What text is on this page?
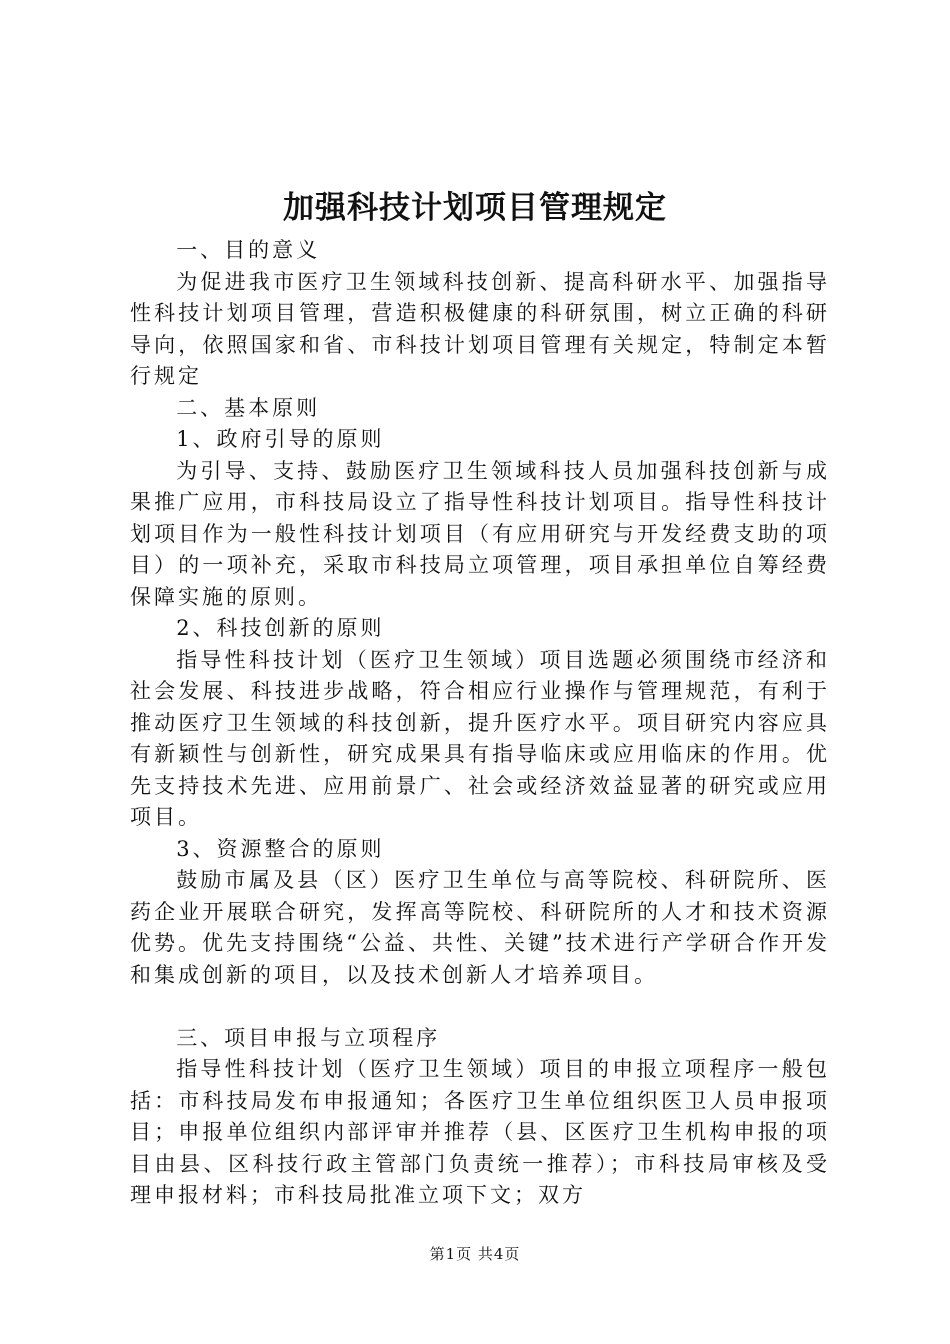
加强科技计划项目管理规定

一、目的意义

为促进我市医疗卫生领域科技创新、提高科研水平、加强指导性科技计划项目管理，营造积极健康的科研氛围，树立正确的科研导向，依照国家和省、市科技计划项目管理有关规定，特制定本暂行规定

二、基本原则

1、政府引导的原则

为引导、支持、鼓励医疗卫生领域科技人员加强科技创新与成果推广应用，市科技局设立了指导性科技计划项目。指导性科技计划项目作为一般性科技计划项目（有应用研究与开发经费支助的项目）的一项补充，采取市科技局立项管理，项目承担单位自筹经费保障实施的原则。

2、科技创新的原则

指导性科技计划（医疗卫生领域）项目选题必须围绕市经济和社会发展、科技进步战略，符合相应行业操作与管理规范，有利于推动医疗卫生领域的科技创新，提升医疗水平。项目研究内容应具有新颖性与创新性，研究成果具有指导临床或应用临床的作用。优先支持技术先进、应用前景广、社会或经济效益显著的研究或应用项目。

3、资源整合的原则

鼓励市属及县（区）医疗卫生单位与高等院校、科研院所、医药企业开展联合研究，发挥高等院校、科研院所的人才和技术资源优势。优先支持围绕“公益、共性、关键”技术进行产学研合作开发和集成创新的项目，以及技术创新人才培养项目。

三、项目申报与立项程序

指导性科技计划（医疗卫生领域）项目的申报立项程序一般包括：市科技局发布申报通知；各医疗卫生单位组织医卫人员申报项目；申报单位组织内部评审并推荐（县、区医疗卫生机构申报的项目由县、区科技行政主管部门负责统一推荐）；市科技局审核及受理申报材料；市科技局批准立项下文；双方

第1页 共4页
